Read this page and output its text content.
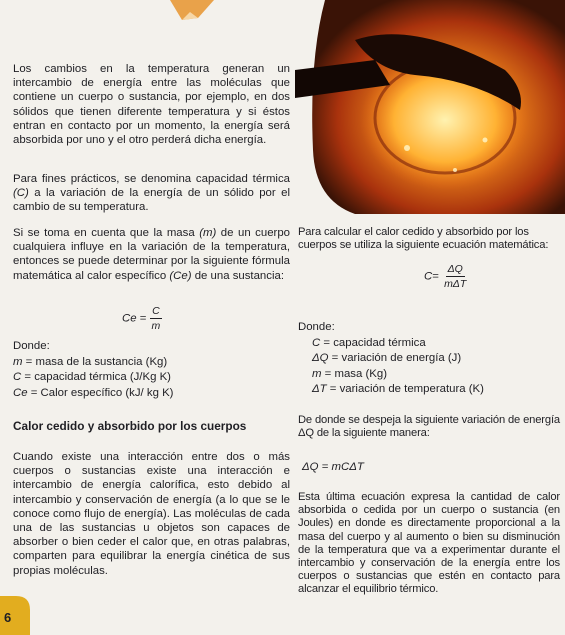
Los cambios en la temperatura generan un intercambio de energía entre las moléculas que contiene un cuerpo o sustancia, por ejemplo, en dos sólidos que tienen diferente temperatura y si éstos entran en contacto por un momento, la energía será absorbida por uno y el otro perderá dicha energía.
Para fines prácticos, se denomina capacidad térmica (C) a la variación de la energía de un sólido por el cambio de su temperatura.
Si se toma en cuenta que la masa (m) de un cuerpo cualquiera influye en la variación de la temperatura, entonces se puede determinar por la siguiente fórmula matemática al calor específico (Ce) de una sustancia:
$Ce = \frac{C}{m}$
Donde:
m = masa de la sustancia (Kg)
C = capacidad térmica (J/Kg K)
Ce = Calor específico (kJ/ kg K)
Para calcular el calor cedido y absorbido por los cuerpos se utiliza la siguiente ecuación matemática:
$C= \frac{\Delta Q}{\text{mΔT}}$
Donde:
C = capacidad térmica
ΔQ = variación de energía (J)
m = masa (Kg)
ΔT = variación de temperatura (K)
Calor cedido y absorbido por los cuerpos	De donde se despeja la siguiente variación de energía ΔQ de la siguiente manera:
Cuando existe una interacción entre dos o más cuerpos o sustancias existe una interacción e intercambio de energía calorífica, esto debido al intercambio y conservación de energía (a lo que se le conoce como flujo de energía). Las moléculas de cada una de las sustancias u objetos son capaces de absorber o bien ceder el calor que, en otras palabras, comparten para equilibrar la energía cinética de sus propias moléculas.
ΔQ = mCΔT
Esta última ecuación expresa la cantidad de calor absorbida o cedida por un cuerpo o sustancia (en Joules) en donde es directamente proporcional a la masa del cuerpo y al aumento o bien su disminución de la temperatura que va a experimentar durante el intercambio y conservación de la energía entre los cuerpos o sustancias que estén en contacto para alcanzar el equilibrio térmico.
6
